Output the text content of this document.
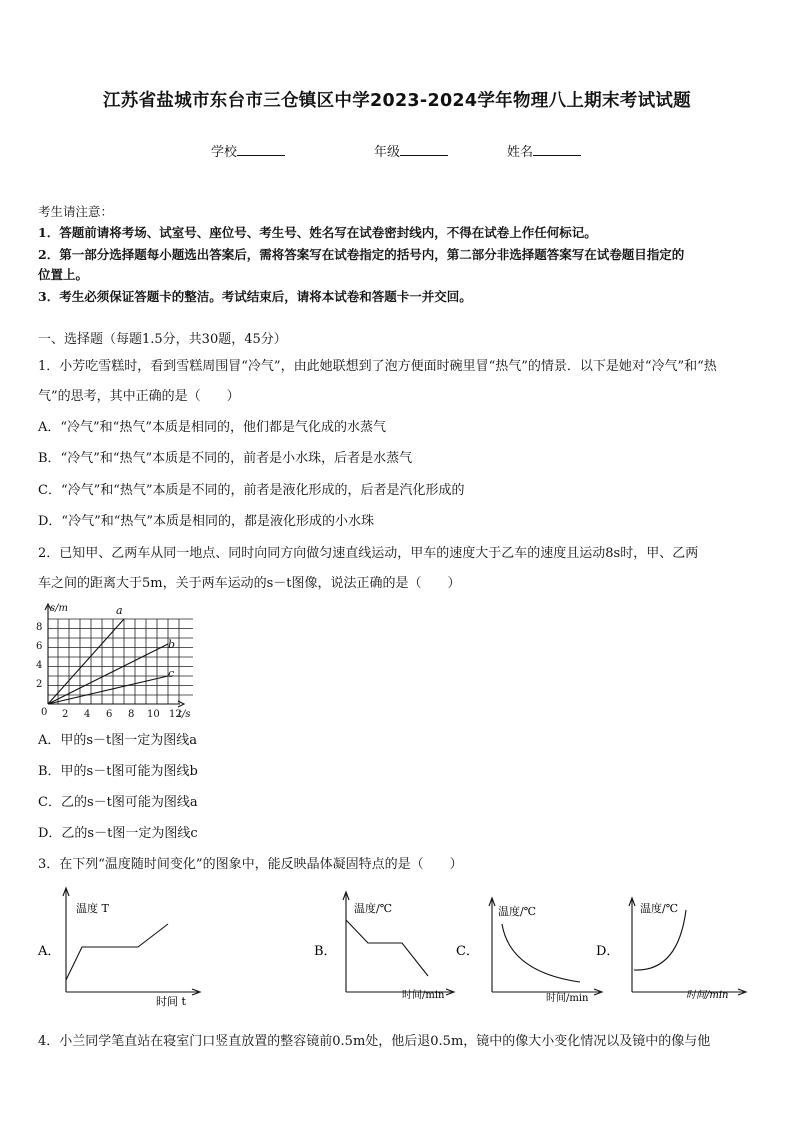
江苏省盐城市东台市三仓镇区中学2023-2024学年物理八上期末考试试题
学校	年级	姓名
考生请注意：
1．答题前请将考场、试室号、座位号、考生号、姓名写在试卷密封线内，不得在试卷上作任何标记。
2．第一部分选择题每小题选出答案后，需将答案写在试卷指定的括号内，第二部分非选择题答案写在试卷题目指定的
位置上。
3．考生必须保证答题卡的整洁。考试结束后，请将本试卷和答题卡一并交回。
一、选择题（每题1.5分，共30题，45分）
1．小芳吃雪糕时，看到雪糕周围冒“冷气”，由此她联想到了泡方便面时碗里冒“热气”的情景．以下是她对“冷气”和“热
气”的思考，其中正确的是（　　）
A．“冷气”和“热气”本质是相同的，他们都是气化成的水蒸气
B．“冷气”和“热气”本质是不同的，前者是小水珠，后者是水蒸气
C．“冷气”和“热气”本质是不同的，前者是液化形成的，后者是汽化形成的
D．“冷气”和“热气”本质是相同的，都是液化形成的小水珠
2．已知甲、乙两车从同一地点、同时向同方向做匀速直线运动，甲车的速度大于乙车的速度且运动8s时，甲、乙两
车之间的距离大于5m，关于两车运动的s－t图像，说法正确的是（　　）
s/m
8
6
4
2
0 2 4 6 8 10 12
t/s
a
b
c
A．甲的s－t图一定为图线a
B．甲的s－t图可能为图线b
C．乙的s－t图可能为图线a
D．乙的s－t图一定为图线c
3．在下列“温度随时间变化”的图象中，能反映晶体凝固特点的是（　　）
A．
温度 T
时间 t
B．
温度/℃
时间/min
C．
温度/℃
时间/min
D．
温度/℃
时间/min
4．小兰同学笔直站在寝室门口竖直放置的整容镜前0.5m处，他后退0.5m，镜中的像大小变化情况以及镜中的像与他
